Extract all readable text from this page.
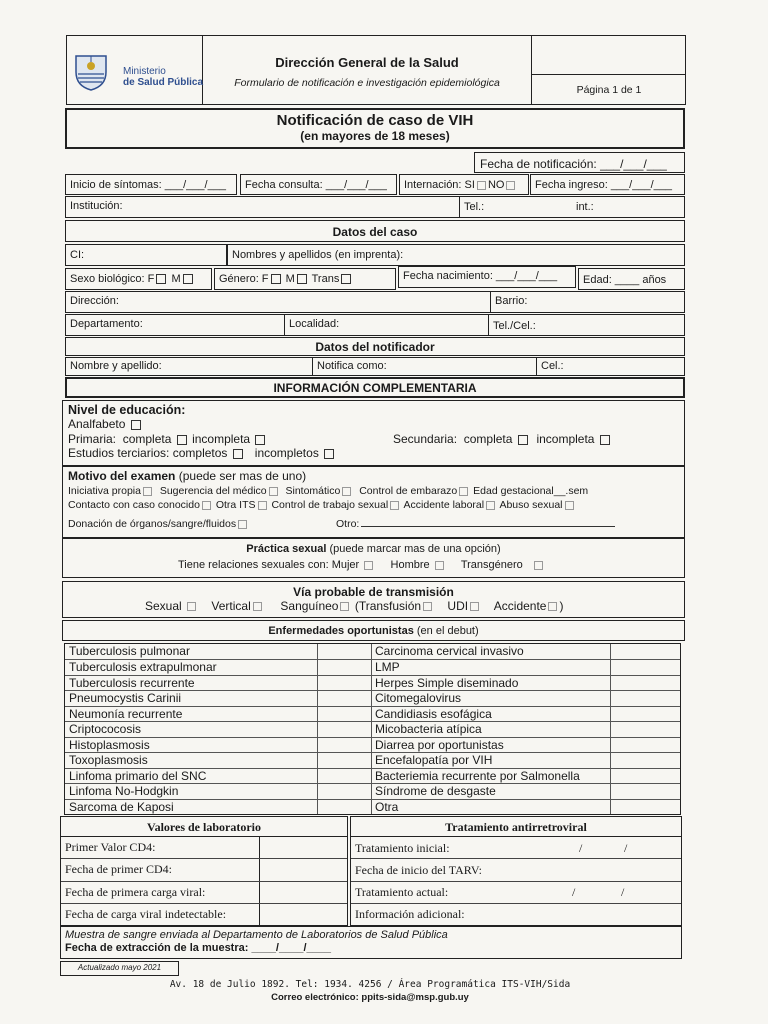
Ministerio
de Salud Pública
Dirección General de la Salud
Formulario de notificación e investigación epidemiológica
Página 1 de 1
Notificación de caso de VIH
(en mayores de 18 meses)
Fecha de notificación: ___/___/___
Inicio de síntomas: ___/___/___	Fecha consulta: ___/___/___	Internación: SI NO	Fecha ingreso: ___/___/___
Institución:	Tel.:	int.:
Datos del caso
CI:	Nombres y apellidos (en imprenta):
Sexo biológico: F M	Género: F M Trans	Fecha nacimiento: ___/___/___	Edad: ____ años
Dirección:	Barrio:
Departamento:	Localidad:	Tel./Cel.:
Datos del notificador
Nombre y apellido:	Notifica como:	Cel.:
INFORMACIÓN COMPLEMENTARIA
Nivel de educación:
Analfabeto
Primaria: completa incompleta	Secundaria: completa incompleta
Estudios terciarios: completos incompletos
Motivo del examen (puede ser mas de uno)
Iniciativa propia Sugerencia del médico Sintomático Control de embarazo Edad gestacional__.sem
Contacto con caso conocido Otra ITS Control de trabajo sexual Accidente laboral Abuso sexual
Donación de órganos/sangre/fluidos	Otro:
Práctica sexual (puede marcar mas de una opción)
Tiene relaciones sexuales con: Mujer	Hombre	Transgénero
Vía probable de transmisión
Sexual Vertical Sanguíneo (Transfusión UDI Accidente )
Enfermedades oportunistas (en el debut)
Tuberculosis pulmonar	Carcinoma cervical invasivo
Tuberculosis extrapulmonar	LMP
Tuberculosis recurrente	Herpes Simple diseminado
Pneumocystis Carinii	Citomegalovirus
Neumonía recurrente	Candidiasis esofágica
Criptococosis	Micobacteria atípica
Histoplasmosis	Diarrea por oportunistas
Toxoplasmosis	Encefalopatía por VIH
Linfoma primario del SNC	Bacteriemia recurrente por Salmonella
Linfoma No-Hodgkin	Síndrome de desgaste
Sarcoma de Kaposi	Otra
Valores de laboratorio
Primer Valor CD4:
Fecha de primer CD4:
Fecha de primera carga viral:
Fecha de carga viral indetectable:
Tratamiento antirretroviral
Tratamiento inicial:	/	/
Fecha de inicio del TARV:
Tratamiento actual:	/	/
Información adicional:
Muestra de sangre enviada al Departamento de Laboratorios de Salud Pública
Fecha de extracción de la muestra: ____/____/____
Actualizado mayo 2021
Av. 18 de Julio 1892. Tel: 1934. 4256 / Área Programática ITS-VIH/Sida
Correo electrónico: ppits-sida@msp.gub.uy
